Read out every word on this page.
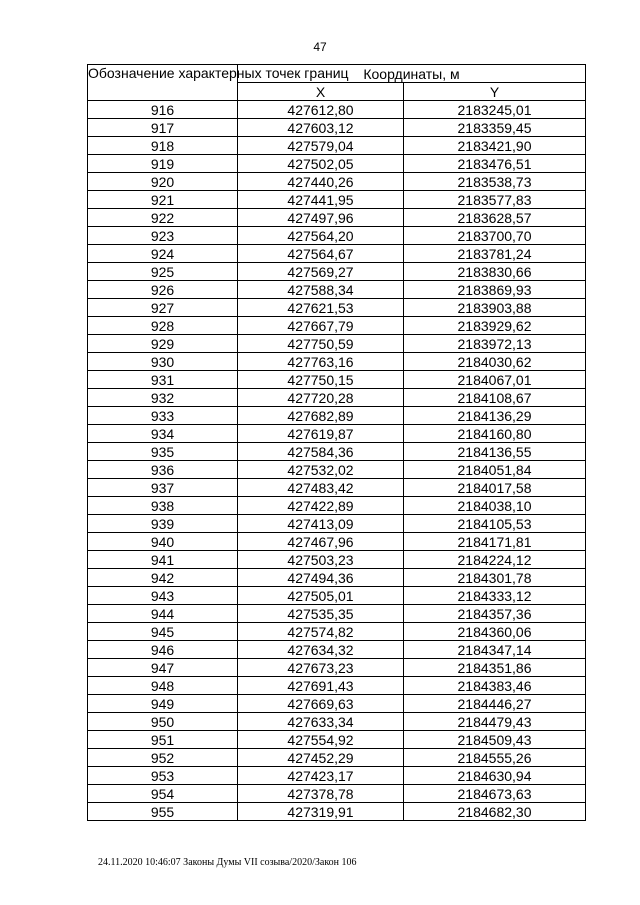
47
Обозначение характерных точек границ	Координаты, м	
	X	Y
916	427612,80	2183245,01
917	427603,12	2183359,45
918	427579,04	2183421,90
919	427502,05	2183476,51
920	427440,26	2183538,73
921	427441,95	2183577,83
922	427497,96	2183628,57
923	427564,20	2183700,70
924	427564,67	2183781,24
925	427569,27	2183830,66
926	427588,34	2183869,93
927	427621,53	2183903,88
928	427667,79	2183929,62
929	427750,59	2183972,13
930	427763,16	2184030,62
931	427750,15	2184067,01
932	427720,28	2184108,67
933	427682,89	2184136,29
934	427619,87	2184160,80
935	427584,36	2184136,55
936	427532,02	2184051,84
937	427483,42	2184017,58
938	427422,89	2184038,10
939	427413,09	2184105,53
940	427467,96	2184171,81
941	427503,23	2184224,12
942	427494,36	2184301,78
943	427505,01	2184333,12
944	427535,35	2184357,36
945	427574,82	2184360,06
946	427634,32	2184347,14
947	427673,23	2184351,86
948	427691,43	2184383,46
949	427669,63	2184446,27
950	427633,34	2184479,43
951	427554,92	2184509,43
952	427452,29	2184555,26
953	427423,17	2184630,94
954	427378,78	2184673,63
955	427319,91	2184682,30
24.11.2020 10:46:07 Законы Думы VII созыва/2020/Закон 106
